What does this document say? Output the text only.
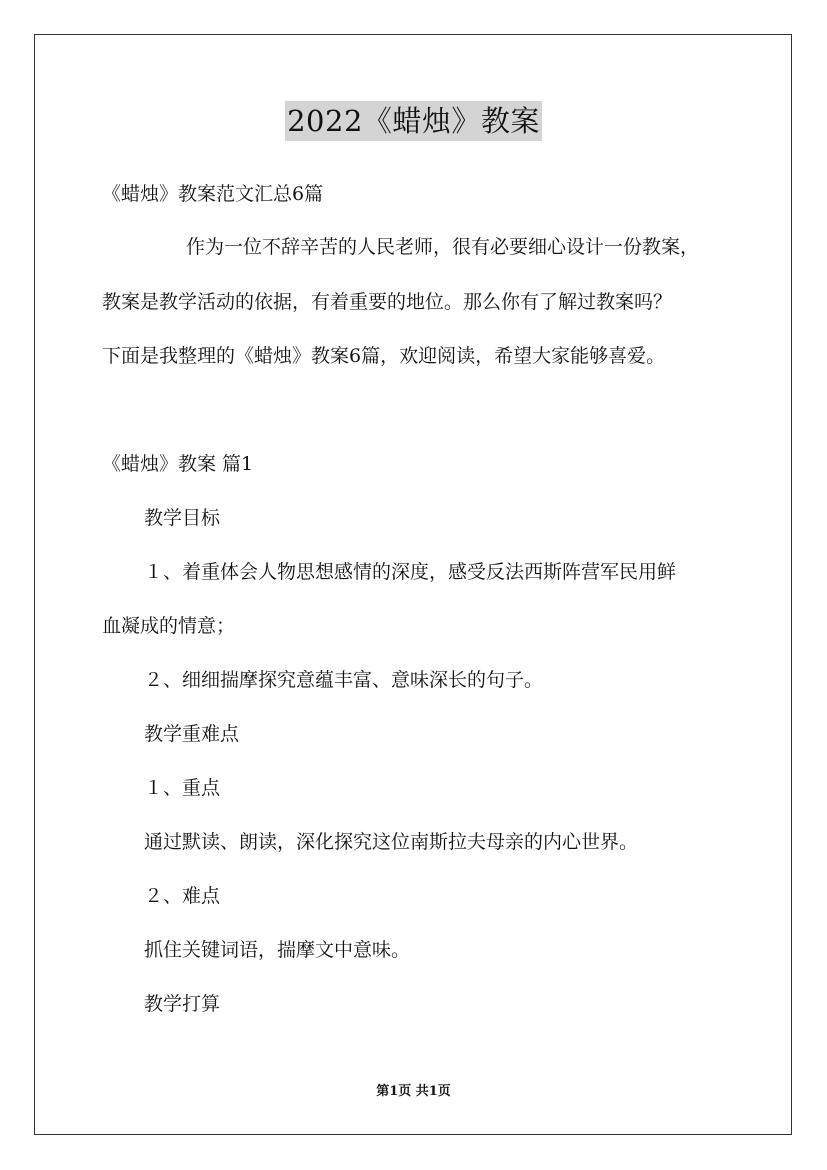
2022《蜡烛》教案
《蜡烛》教案范文汇总6篇
作为一位不辞辛苦的人民老师，很有必要细心设计一份教案，
教案是教学活动的依据，有着重要的地位。那么你有了解过教案吗？
下面是我整理的《蜡烛》教案6篇，欢迎阅读，希望大家能够喜爱。
《蜡烛》教案 篇1
教学目标
１、着重体会人物思想感情的深度，感受反法西斯阵营军民用鲜
血凝成的情意；
２、细细揣摩探究意蕴丰富、意味深长的句子。
教学重难点
１、重点
通过默读、朗读，深化探究这位南斯拉夫母亲的内心世界。
２、难点
抓住关键词语，揣摩文中意味。
教学打算
第1页 共1页
